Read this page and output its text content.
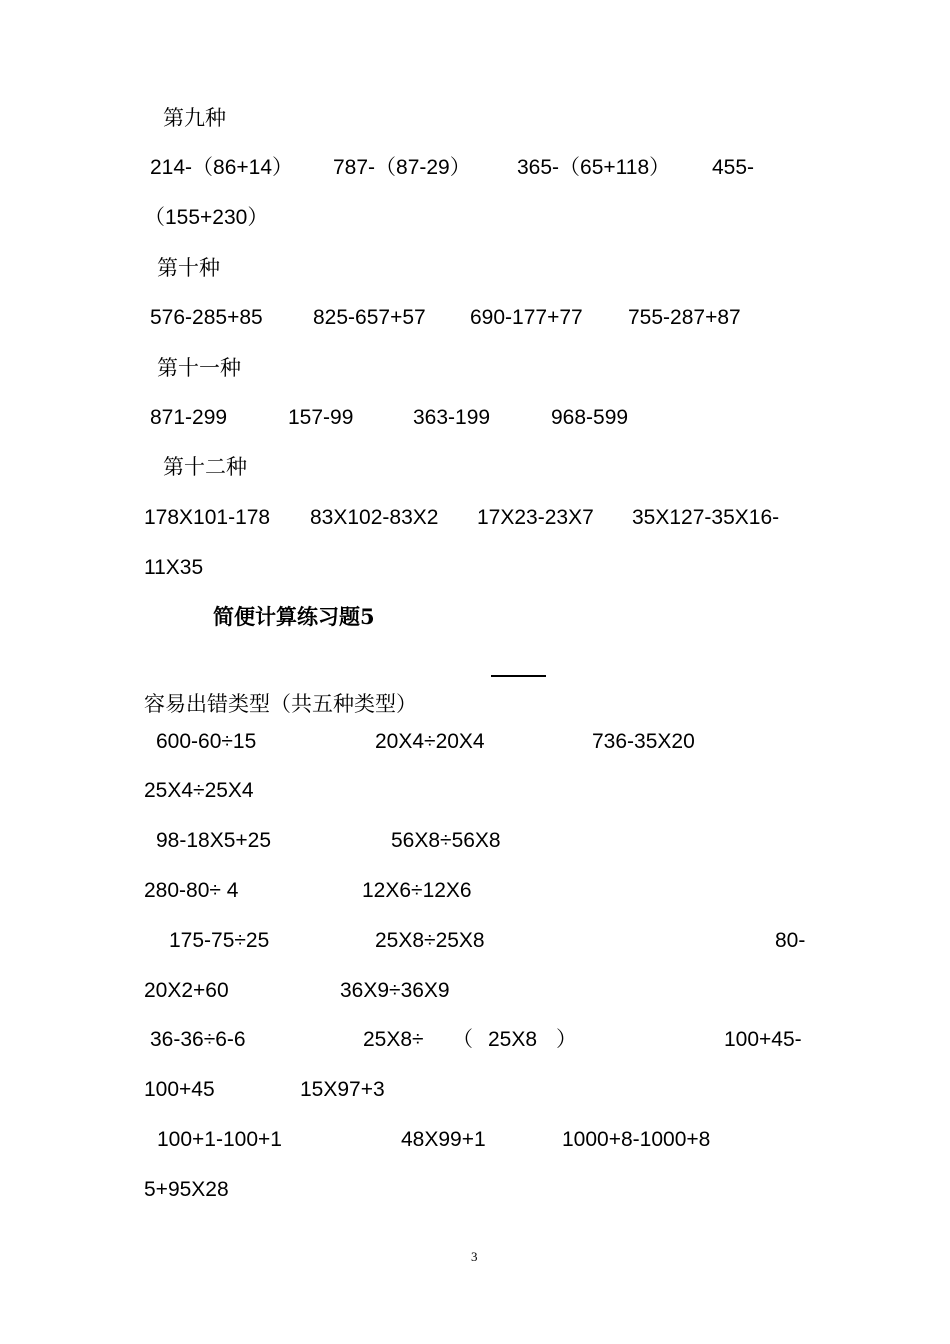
第九种
214-（86+14） 787-（87-29） 365-（65+118） 455-
（155+230）
第十种
576-285+85 825-657+57 690-177+77 755-287+87
第十一种
871-299	157-99	363-199	968-599
第十二种
178X101-178 83X102-83X2 17X23-23X7 35X127-35X16-
11X35
简便计算练习题5
容易出错类型（共五种类型）
600-60÷15	20X4÷20X4	736-35X20
25X4÷25X4
98-18X5+25	56X8÷56X8
280-80÷ 4	12X6÷12X6
175-75÷25	25X8÷25X8	80-
20X2+60	36X9÷36X9
36-36÷6-6	25X8÷ （ 25X8 ）	100+45-
100+45	15X97+3
100+1-100+1	48X99+1	1000+8-1000+8
5+95X28
3
